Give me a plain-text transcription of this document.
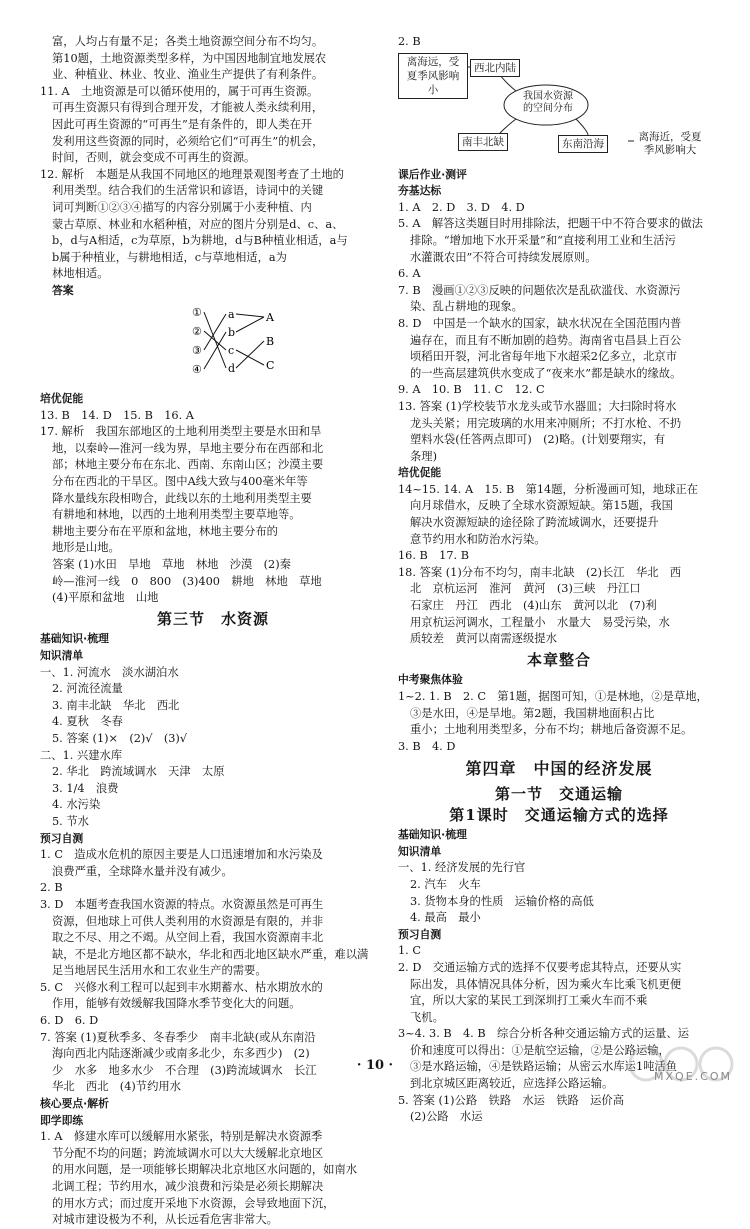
富，人均占有量不足；各类土地资源空间分布不均匀。
第10题，土地资源类型多样，为中国因地制宜地发展农
业、种植业、林业、牧业、渔业生产提供了有利条件。
11. A　土地资源是可以循环使用的，属于可再生资源。
可再生资源只有得到合理开发，才能被人类永续利用，
因此可再生资源的“可再生”是有条件的，即人类在开
发利用这些资源的同时，必须给它们“可再生”的机会，
时间，否则，就会变成不可再生的资源。
12. 解析　本题是从我国不同地区的地理景观图考查了土地的
利用类型。结合我们的生活常识和谚语，诗词中的关键
词可判断①②③④描写的内容分别属于小麦种植、内
蒙古草原、林业和水稻种植，对应的图片分别是d、c、a、
b，d与A相适，c为草原，b为耕地，d与B种植业相适，a与
b属于种植业，与耕地相适，c与草地相适，a为
林地相适。
答案
①
②
③
④
a
b
c
d
A
B
C
培优促能
13. B　14. D　15. B　16. A
17. 解析　我国东部地区的土地利用类型主要是水田和旱
地，以秦岭—淮河一线为界，旱地主要分布在西部和北
部；林地主要分布在东北、西南、东南山区；沙漠主要
分布在西北的干旱区。图中A线大致与400毫米年等
降水量线东段相吻合，此线以东的土地利用类型主要
有耕地和林地，以西的土地利用类型主要草地等。
耕地主要分布在平原和盆地，林地主要分布的
地形是山地。
答案 (1)水田　旱地　草地　林地　沙漠　(2)秦
岭—淮河一线　0　800　(3)400　耕地　林地　草地
(4)平原和盆地　山地
第三节　水资源
基础知识·梳理
知识清单
一、1. 河流水　淡水湖泊水
2. 河流径流量
3. 南丰北缺　华北　西北
4. 夏秋　冬春
5. 答案 (1)×　(2)√　(3)√
二、1. 兴建水库
2. 华北　跨流域调水　天津　太原
3. 1/4　浪费
4. 水污染
5. 节水
预习自测
1. C　造成水危机的原因主要是人口迅速增加和水污染及
浪费严重，全球降水量并没有减少。
2. B
3. D　本题考查我国水资源的特点。水资源虽然是可再生
资源，但地球上可供人类利用的水资源是有限的，并非
取之不尽、用之不竭。从空间上看，我国水资源南丰北
缺，不是北方地区都不缺水，华北和西北地区缺水严重，难以满
足当地居民生活用水和工农业生产的需要。
5. C　兴修水利工程可以起到丰水期蓄水、枯水期放水的
作用，能够有效缓解我国降水季节变化大的问题。
6. D　6. D
7. 答案 (1)夏秋季多、冬春季少　南丰北缺(或从东南沿
海向西北内陆逐渐减少或南多北少，东多西少)　(2)
少　水多　地多水少　不合理　(3)跨流域调水　长江
华北　西北　(4)节约用水
核心要点·解析
即学即练
1. A　修建水库可以缓解用水紧张，特别是解决水资源季
节分配不均的问题；跨流域调水可以大大缓解北京地区
的用水问题，是一项能够长期解决北京地区水问题的，如南水
北调工程；节约用水，减少浪费和污染是必须长期解决
的用水方式；而过度开采地下水资源，会导致地面下沉，
对城市建设极为不利，从长远看危害非常大。
2. B
离海远，受夏季风影响小
西北内陆
我国水资源的空间分布
南丰北缺	东南沿海
离海近，受夏季风影响大
课后作业·测评
夯基达标
1. A　2. D　3. D　4. D
5. A　解答这类题目时用排除法，把题干中不符合要求的做法
排除。“增加地下水开采量”和“直接利用工业和生活污
水灌溉农田”不符合可持续发展原则。
6. A
7. B　漫画①②③反映的问题依次是乱砍滥伐、水资源污
染、乱占耕地的现象。
8. D　中国是一个缺水的国家，缺水状况在全国范围内普
遍存在，而且有不断加剧的趋势。海南省屯昌县上百公
顷稻田开裂，河北省每年地下水超采2亿多立，北京市
的一些高层建筑供水变成了“夜来水”都是缺水的缘故。
9. A　10. B　11. C　12. C
13. 答案 (1)学校装节水龙头或节水器皿；大扫除时将水
龙头关紧；用完玻璃的水用来冲厕所；不打水枪、不扔
塑料水袋(任答两点即可)　(2)略。(计划要翔实，有
条理)
培优促能
14~15. 14. A　15. B　第14题，分析漫画可知，地球正在
向月球借水，反映了全球水资源短缺。第15题，我国
解决水资源短缺的途径除了跨流域调水，还要提升
意节约用水和防治水污染。
16. B　17. B
18. 答案 (1)分布不均匀，南丰北缺　(2)长江　华北　西
北　京杭运河　淮河　黄河　(3)三峡　丹江口
石家庄　丹江　西北　(4)山东　黄河以北　(7)利
用京杭运河调水，工程量小　水量大　易受污染，水
质较差　黄河以南需逐级提水
本章整合
中考聚焦体验
1~2. 1. B　2. C　第1题，据图可知，①是林地，②是草地，
③是水田，④是旱地。第2题，我国耕地面积占比
重小；土地利用类型多，分布不均；耕地后备资源不足。
3. B　4. D
第四章　中国的经济发展
第一节　交通运输
第1课时　交通运输方式的选择
基础知识·梳理
知识清单
一、1. 经济发展的先行官
2. 汽车　火车
3. 货物本身的性质　运输价格的高低
4. 最高　最小
预习自测
1. C
2. D　交通运输方式的选择不仅要考虑其特点，还要从实
际出发，具体情况具体分析，因为乘火车比乘飞机更便
宜，所以大家的某民工到深圳打工乘火车而不乘
飞机。
3~4. 3. B　4. B　综合分析各种交通运输方式的运量、运
价和速度可以得出：①是航空运输，②是公路运输，
③是水路运输，④是铁路运输；从密云水库运1吨活鱼
到北京城区距离较近，应选择公路运输。
5. 答案 (1)公路　铁路　水运　铁路　运价高
(2)公路　水运
· 10 ·
MXQE.COM
